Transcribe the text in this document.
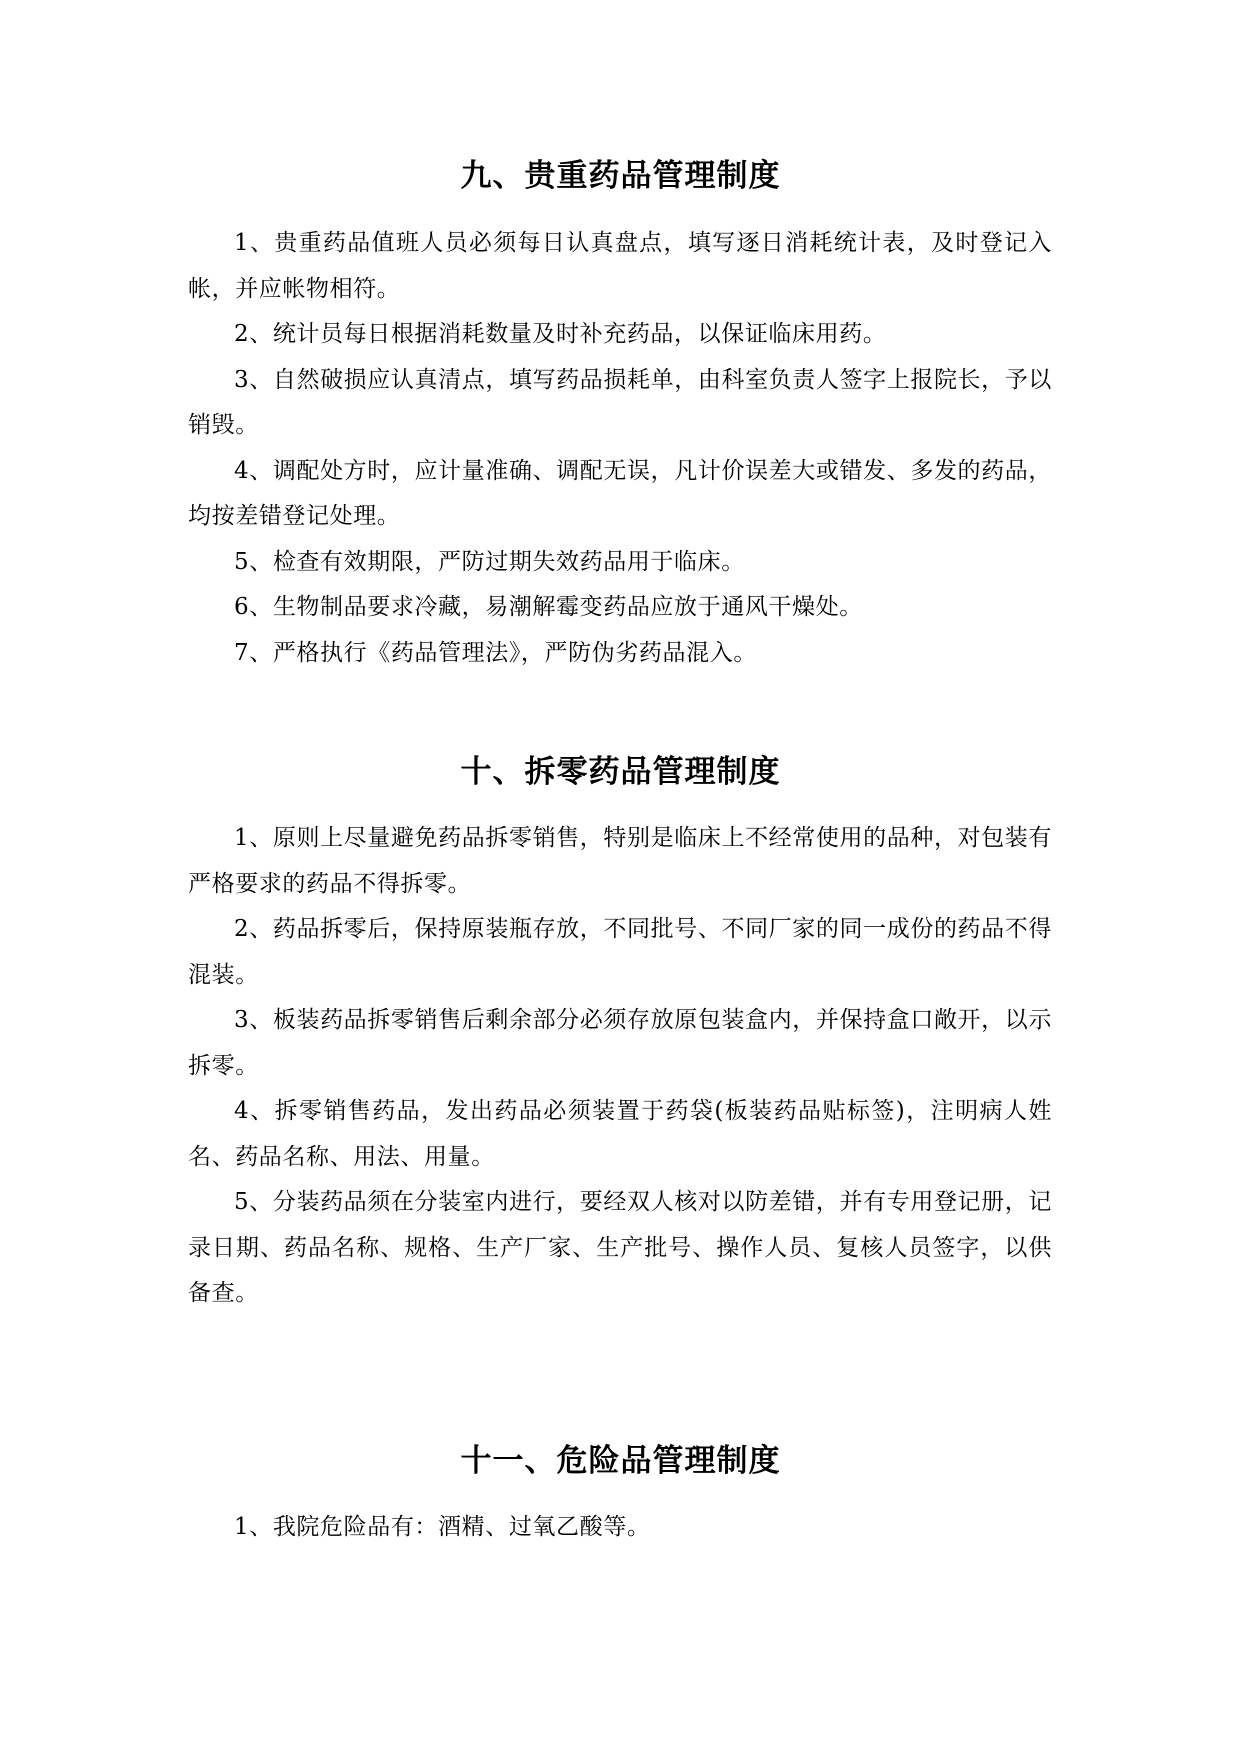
九、贵重药品管理制度

1、贵重药品值班人员必须每日认真盘点，填写逐日消耗统计表，及时登记入帐，并应帐物相符。

2、统计员每日根据消耗数量及时补充药品，以保证临床用药。

3、自然破损应认真清点，填写药品损耗单，由科室负责人签字上报院长，予以销毁。

4、调配处方时，应计量准确、调配无误，凡计价误差大或错发、多发的药品，均按差错登记处理。

5、检查有效期限，严防过期失效药品用于临床。

6、生物制品要求冷藏，易潮解霉变药品应放于通风干燥处。

7、严格执行《药品管理法》，严防伪劣药品混入。

十、拆零药品管理制度

1、原则上尽量避免药品拆零销售，特别是临床上不经常使用的品种，对包装有严格要求的药品不得拆零。

2、药品拆零后，保持原装瓶存放，不同批号、不同厂家的同一成份的药品不得混装。

3、板装药品拆零销售后剩余部分必须存放原包装盒内，并保持盒口敞开，以示拆零。

4、拆零销售药品，发出药品必须装置于药袋(板装药品贴标签)，注明病人姓名、药品名称、用法、用量。

5、分装药品须在分装室内进行，要经双人核对以防差错，并有专用登记册，记录日期、药品名称、规格、生产厂家、生产批号、操作人员、复核人员签字，以供备查。

十一、危险品管理制度

1、我院危险品有：酒精、过氧乙酸等。
